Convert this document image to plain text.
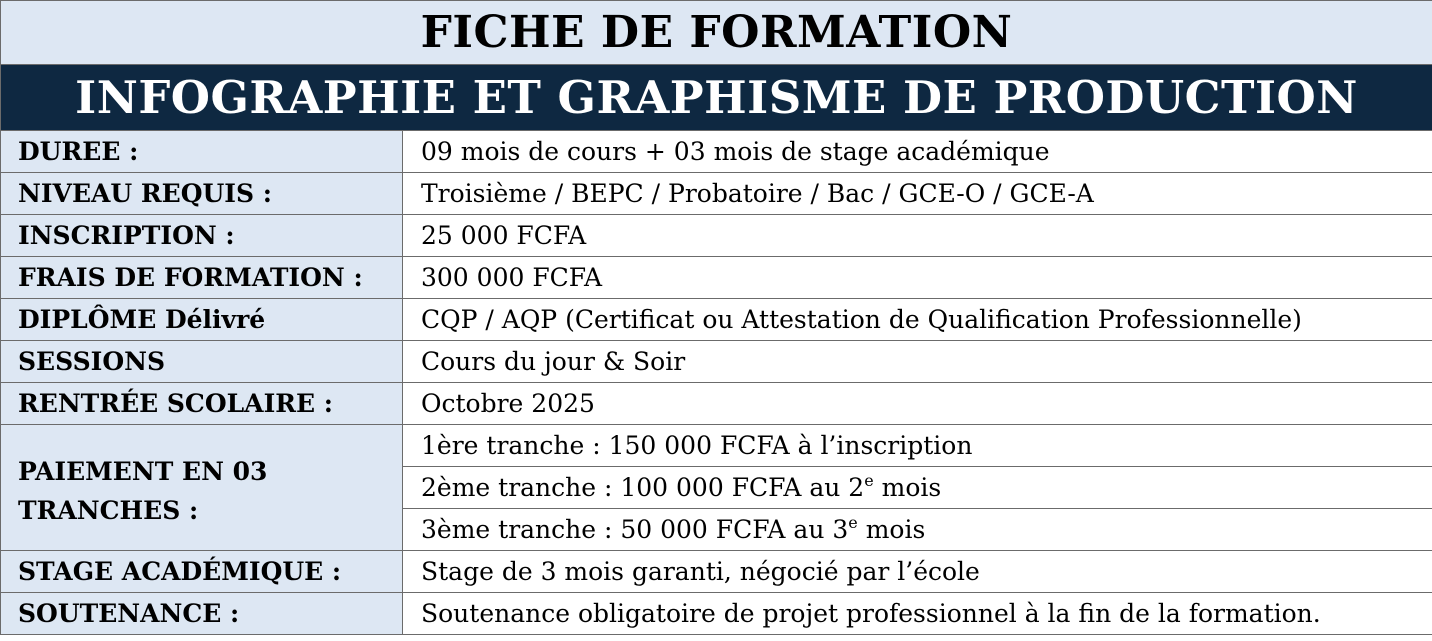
FICHE DE FORMATION	
INFOGRAPHIE ET GRAPHISME DE PRODUCTION	
DUREE :	09 mois de cours + 03 mois de stage académique
NIVEAU REQUIS :	Troisième / BEPC / Probatoire / Bac / GCE-O / GCE-A
INSCRIPTION :	25 000 FCFA
FRAIS DE FORMATION :	300 000 FCFA
DIPLÔME Délivré	CQP / AQP (Certificat ou Attestation de Qualification Professionnelle)
SESSIONS	Cours du jour & Soir
RENTRÉE SCOLAIRE :	Octobre 2025
PAIEMENT EN 03
TRANCHES :	1ère tranche : 150 000 FCFA à l’inscription
	2ème tranche : 100 000 FCFA au 2e mois
	3ème tranche : 50 000 FCFA au 3e mois
STAGE ACADÉMIQUE :	Stage de 3 mois garanti, négocié par l’école
SOUTENANCE :	Soutenance obligatoire de projet professionnel à la fin de la formation.
